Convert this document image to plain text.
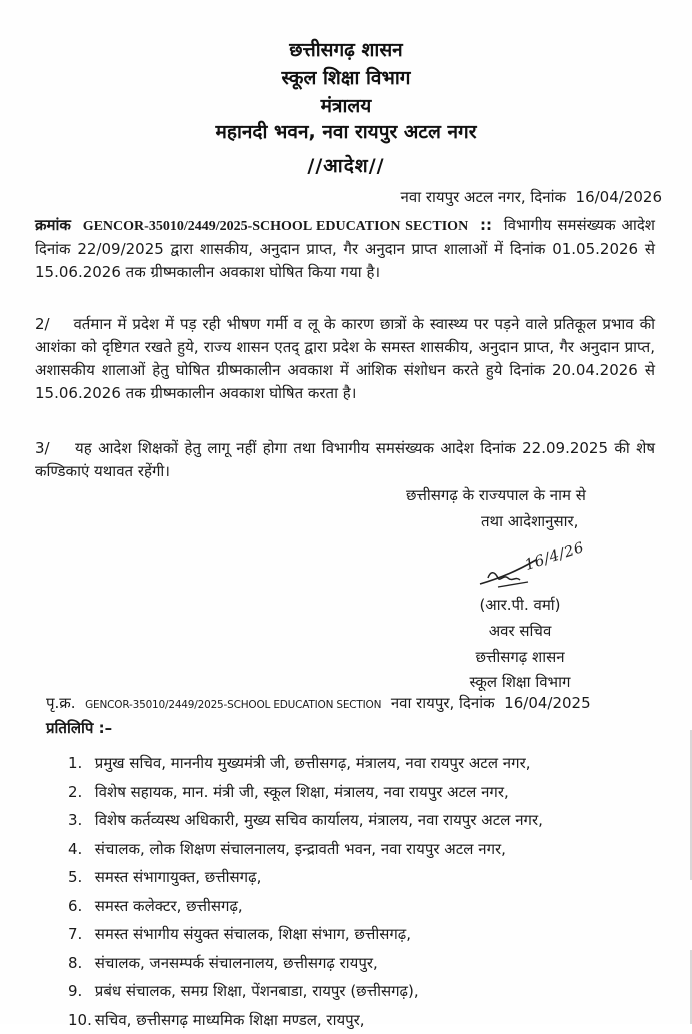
छत्तीसगढ़ शासन
स्कूल शिक्षा विभाग
मंत्रालय
महानदी भवन, नवा रायपुर अटल नगर
//आदेश//
नवा रायपुर अटल नगर, दिनांक 16/04/2026
क्रमांक GENCOR-35010/2449/2025-SCHOOL EDUCATION SECTION :: विभागीय समसंख्यक आदेश दिनांक 22/09/2025 द्वारा शासकीय, अनुदान प्राप्त, गैर अनुदान प्राप्त शालाओं में दिनांक 01.05.2026 से 15.06.2026 तक ग्रीष्मकालीन अवकाश घोषित किया गया है।
2/ वर्तमान में प्रदेश में पड़ रही भीषण गर्मी व लू के कारण छात्रों के स्वास्थ्य पर पड़ने वाले प्रतिकूल प्रभाव की आशंका को दृष्टिगत रखते हुये, राज्य शासन एतद् द्वारा प्रदेश के समस्त शासकीय, अनुदान प्राप्त, गैर अनुदान प्राप्त, अशासकीय शालाओं हेतु घोषित ग्रीष्मकालीन अवकाश में आंशिक संशोधन करते हुये दिनांक 20.04.2026 से 15.06.2026 तक ग्रीष्मकालीन अवकाश घोषित करता है।
3/ यह आदेश शिक्षकों हेतु लागू नहीं होगा तथा विभागीय समसंख्यक आदेश दिनांक 22.09.2025 की शेष कण्डिकाएं यथावत रहेंगी।
छत्तीसगढ़ के राज्यपाल के नाम से
तथा आदेशानुसार,
16/4/26
(आर.पी. वर्मा)
अवर सचिव
छत्तीसगढ़ शासन
स्कूल शिक्षा विभाग
पृ.क्र. GENCOR-35010/2449/2025-SCHOOL EDUCATION SECTION नवा रायपुर, दिनांक 16/04/2025
प्रतिलिपि :–
1. प्रमुख सचिव, माननीय मुख्यमंत्री जी, छत्तीसगढ़, मंत्रालय, नवा रायपुर अटल नगर,
2. विशेष सहायक, मान. मंत्री जी, स्कूल शिक्षा, मंत्रालय, नवा रायपुर अटल नगर,
3. विशेष कर्तव्यस्थ अधिकारी, मुख्य सचिव कार्यालय, मंत्रालय, नवा रायपुर अटल नगर,
4. संचालक, लोक शिक्षण संचालनालय, इन्द्रावती भवन, नवा रायपुर अटल नगर,
5. समस्त संभागायुक्त, छत्तीसगढ़,
6. समस्त कलेक्टर, छत्तीसगढ़,
7. समस्त संभागीय संयुक्त संचालक, शिक्षा संभाग, छत्तीसगढ़,
8. संचालक, जनसम्पर्क संचालनालय, छत्तीसगढ़ रायपुर,
9. प्रबंध संचालक, समग्र शिक्षा, पेंशनबाडा, रायपुर (छत्तीसगढ़),
10. सचिव, छत्तीसगढ़ माध्यमिक शिक्षा मण्डल, रायपुर,
